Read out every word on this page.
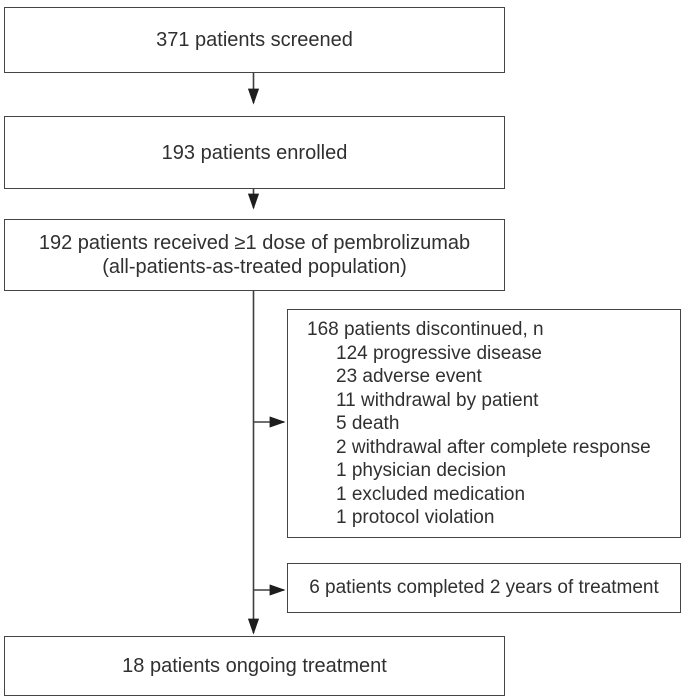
371 patients screened
193 patients enrolled
192 patients received ≥1 dose of pembrolizumab
(all-patients-as-treated population)
168 patients discontinued, n
124 progressive disease
23 adverse event
11 withdrawal by patient
5 death
2 withdrawal after complete response
1 physician decision
1 excluded medication
1 protocol violation
6 patients completed 2 years of treatment
18 patients ongoing treatment
